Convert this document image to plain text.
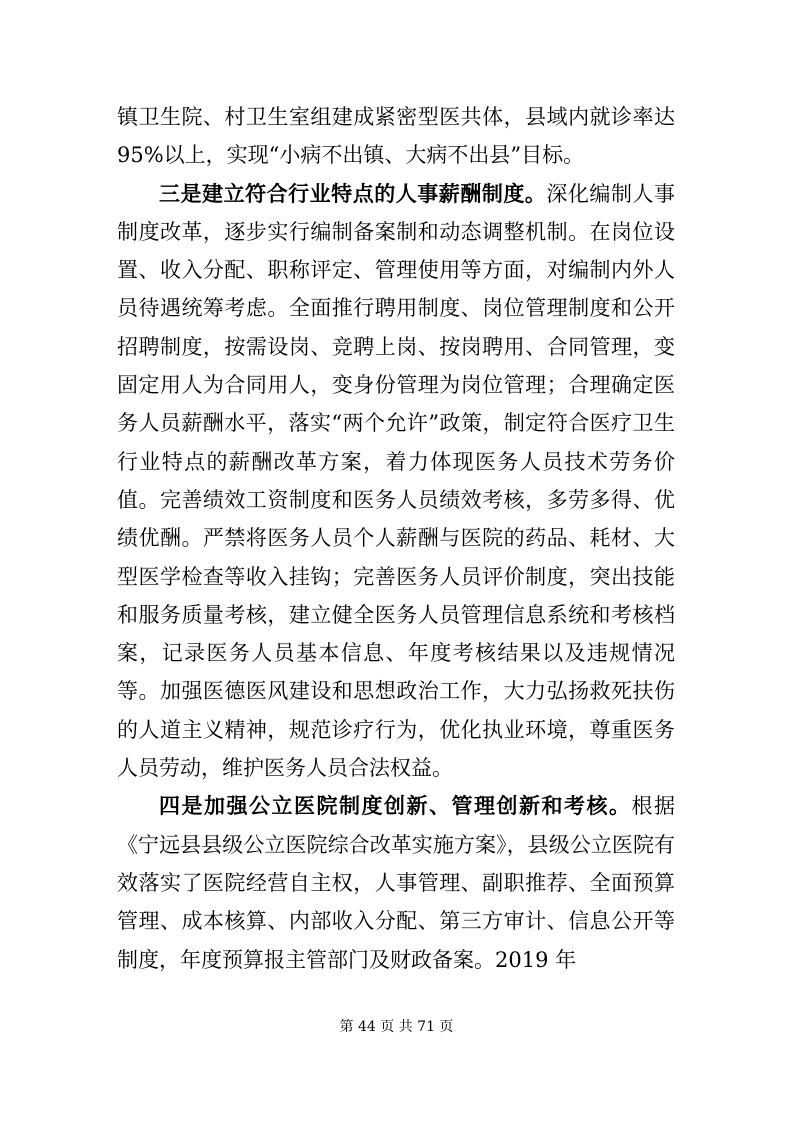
镇卫生院、村卫生室组建成紧密型医共体，县域内就诊率达 95%以上，实现“小病不出镇、大病不出县”目标。

三是建立符合行业特点的人事薪酬制度。深化编制人事制度改革，逐步实行编制备案制和动态调整机制。在岗位设置、收入分配、职称评定、管理使用等方面，对编制内外人员待遇统筹考虑。全面推行聘用制度、岗位管理制度和公开招聘制度，按需设岗、竞聘上岗、按岗聘用、合同管理，变固定用人为合同用人，变身份管理为岗位管理；合理确定医务人员薪酬水平，落实“两个允许”政策，制定符合医疗卫生行业特点的薪酬改革方案，着力体现医务人员技术劳务价值。完善绩效工资制度和医务人员绩效考核，多劳多得、优绩优酬。严禁将医务人员个人薪酬与医院的药品、耗材、大型医学检查等收入挂钩；完善医务人员评价制度，突出技能和服务质量考核，建立健全医务人员管理信息系统和考核档案，记录医务人员基本信息、年度考核结果以及违规情况等。加强医德医风建设和思想政治工作，大力弘扬救死扶伤的人道主义精神，规范诊疗行为，优化执业环境，尊重医务人员劳动，维护医务人员合法权益。

四是加强公立医院制度创新、管理创新和考核。根据《宁远县县级公立医院综合改革实施方案》，县级公立医院有效落实了医院经营自主权，人事管理、副职推荐、全面预算管理、成本核算、内部收入分配、第三方审计、信息公开等制度，年度预算报主管部门及财政备案。2019 年

第 44 页 共 71 页
